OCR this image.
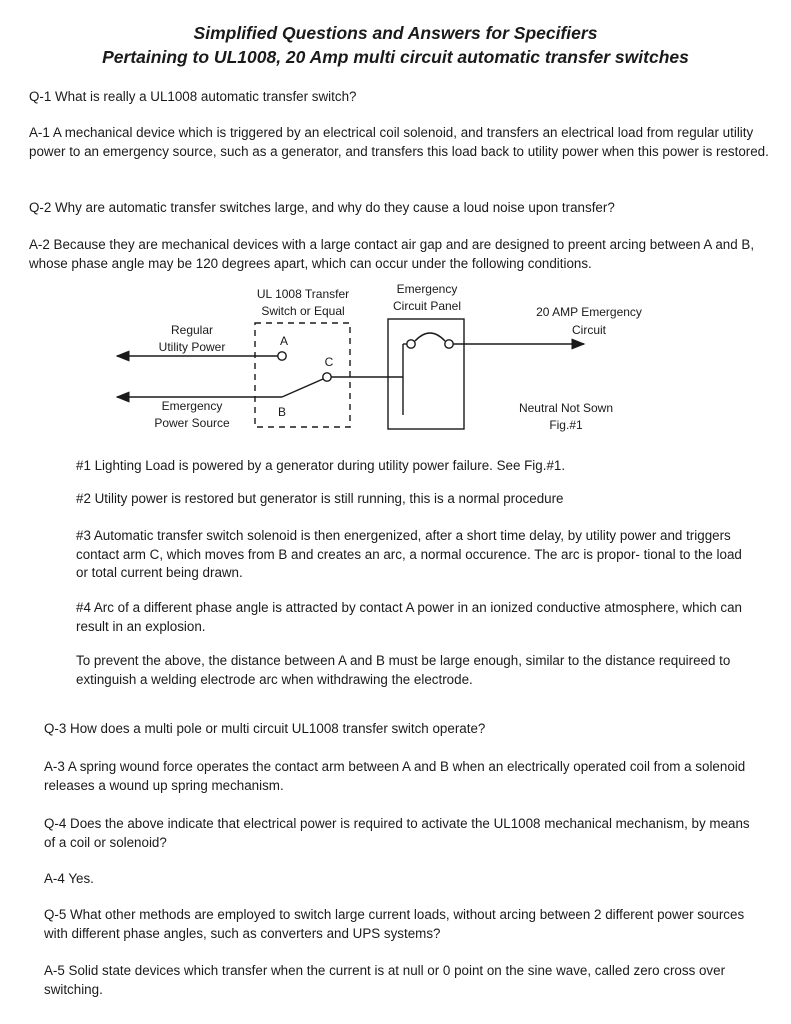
Simplified Questions and Answers for Specifiers
Pertaining to UL1008, 20 Amp multi circuit automatic transfer switches

Q-1 What is really a UL1008 automatic transfer switch?

A-1 A mechanical device which is triggered by an electrical coil solenoid, and transfers an electrical load from regular utility power to an emergency source, such as a generator, and transfers this load back to utility power when this power is restored.

Q-2 Why are automatic transfer switches large, and why do they cause a loud noise upon transfer?

A-2 Because they are mechanical devices with a large contact air gap and are designed to preent arcing between A and B, whose phase angle may be 120 degrees apart, which can occur under the following conditions.

UL 1008 Transfer
Switch or Equal
Regular
Utility Power
Emergency
Power Source
A
B
C
Emergency
Circuit Panel	20 AMP Emergency
Circuit
Neutral Not Sown
Fig.#1

#1 Lighting Load is powered by a generator during utility power failure. See Fig.#1.

#2 Utility power is restored but generator is still running, this is a normal procedure

#3 Automatic transfer switch solenoid is then energenized, after a short time delay, by utility power and triggers contact arm C, which moves from B and creates an arc, a normal occurence. The arc is propor- tional to the load or total current being drawn.

#4 Arc of a different phase angle is attracted by contact A power in an ionized conductive atmosphere, which can result in an explosion.

To prevent the above, the distance between A and B must be large enough, similar to the distance requireed to extinguish a welding electrode arc when withdrawing the electrode.

Q-3 How does a multi pole or multi circuit UL1008 transfer switch operate?

A-3 A spring wound force operates the contact arm between A and B when an electrically operated coil from a solenoid releases a wound up spring mechanism.

Q-4 Does the above indicate that electrical power is required to activate the UL1008 mechanical mechanism, by means of a coil or solenoid?

A-4 Yes.

Q-5 What other methods are employed to switch large current loads, without arcing between 2 different power sources with different phase angles, such as converters and UPS systems?

A-5 Solid state devices which transfer when the current is at null or 0 point on the sine wave, called zero cross over switching.
